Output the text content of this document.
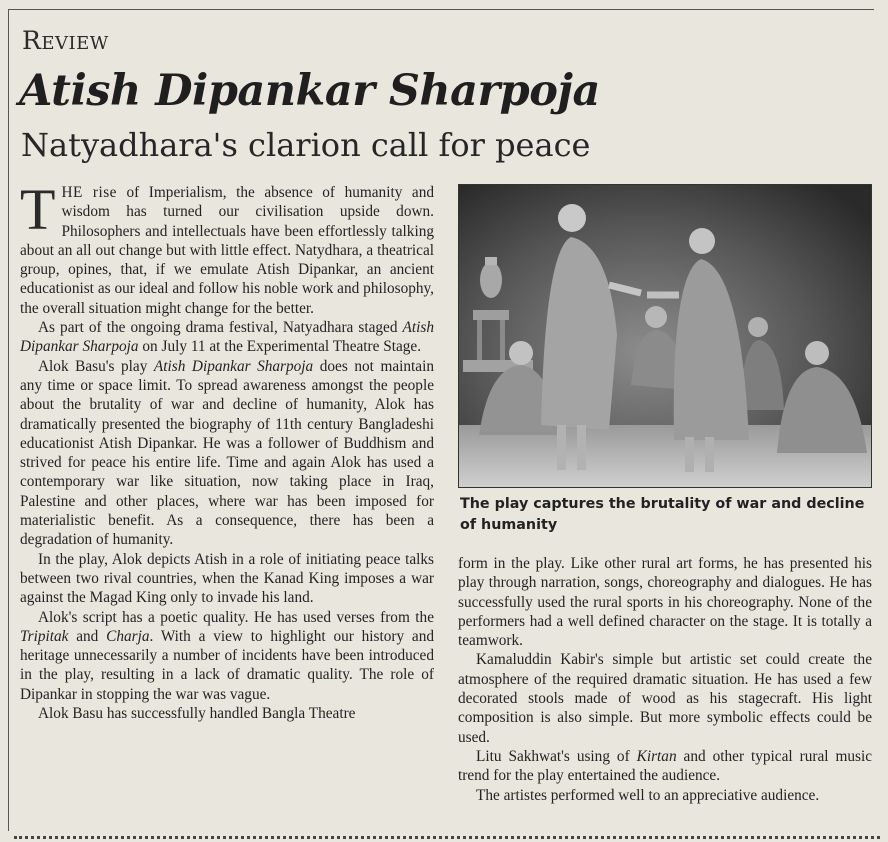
Review
Atish Dipankar Sharpoja
Natyadhara's clarion call for peace

THE rise of Imperialism, the absence of humanity and wisdom has turned our civilisation upside down. Philosophers and intellectuals have been effortlessly talking about an all out change but with little effect. Natydhara, a theatrical group, opines, that, if we emulate Atish Dipankar, an ancient educationist as our ideal and follow his noble work and philosophy, the overall situation might change for the better.

As part of the ongoing drama festival, Natyadhara staged Atish Dipankar Sharpoja on July 11 at the Experimental Theatre Stage.

Alok Basu's play Atish Dipankar Sharpoja does not maintain any time or space limit. To spread awareness amongst the people about the brutality of war and decline of humanity, Alok has dramatically presented the biography of 11th century Bangladeshi educationist Atish Dipankar. He was a follower of Buddhism and strived for peace his entire life. Time and again Alok has used a contemporary war like situation, now taking place in Iraq, Palestine and other places, where war has been imposed for materialistic benefit. As a consequence, there has been a degradation of humanity.

In the play, Alok depicts Atish in a role of initiating peace talks between two rival countries, when the Kanad King imposes a war against the Magad King only to invade his land.

Alok's script has a poetic quality. He has used verses from the Tripitak and Charja. With a view to highlight our history and heritage unnecessarily a number of incidents have been introduced in the play, resulting in a lack of dramatic quality. The role of Dipankar in stopping the war was vague.

Alok Basu has successfully handled Bangla Theatre

The play captures the brutality of war and decline of humanity

form in the play. Like other rural art forms, he has presented his play through narration, songs, choreography and dialogues. He has successfully used the rural sports in his choreography. None of the performers had a well defined character on the stage. It is totally a teamwork.

Kamaluddin Kabir's simple but artistic set could create the atmosphere of the required dramatic situation. He has used a few decorated stools made of wood as his stagecraft. His light composition is also simple. But more symbolic effects could be used.

Litu Sakhwat's using of Kirtan and other typical rural music trend for the play entertained the audience.

The artistes performed well to an appreciative audience.
